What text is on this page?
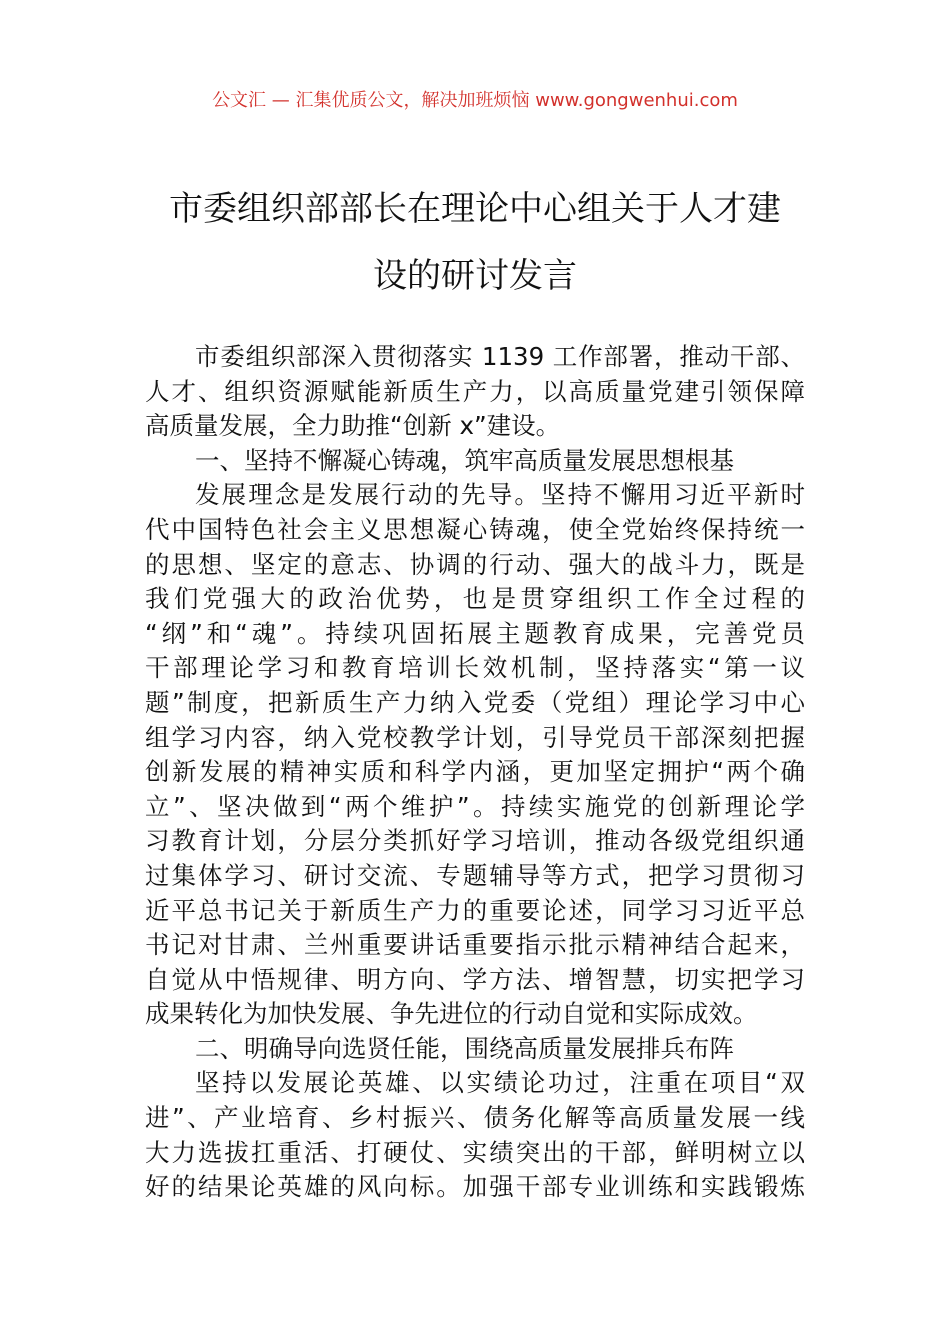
公文汇 — 汇集优质公文，解决加班烦恼 www.gongwenhui.com
市委组织部部长在理论中心组关于人才建
设的研讨发言
市委组织部深入贯彻落实 1139 工作部署，推动干部、
人才、组织资源赋能新质生产力，以高质量党建引领保障
高质量发展，全力助推“创新 x”建设。
一、坚持不懈凝心铸魂，筑牢高质量发展思想根基
发展理念是发展行动的先导。坚持不懈用习近平新时
代中国特色社会主义思想凝心铸魂，使全党始终保持统一
的思想、坚定的意志、协调的行动、强大的战斗力，既是
我们党强大的政治优势，也是贯穿组织工作全过程的
“纲”和“魂”。持续巩固拓展主题教育成果，完善党员
干部理论学习和教育培训长效机制，坚持落实“第一议
题”制度，把新质生产力纳入党委（党组）理论学习中心
组学习内容，纳入党校教学计划，引导党员干部深刻把握
创新发展的精神实质和科学内涵，更加坚定拥护“两个确
立”、坚决做到“两个维护”。持续实施党的创新理论学
习教育计划，分层分类抓好学习培训，推动各级党组织通
过集体学习、研讨交流、专题辅导等方式，把学习贯彻习
近平总书记关于新质生产力的重要论述，同学习习近平总
书记对甘肃、兰州重要讲话重要指示批示精神结合起来，
自觉从中悟规律、明方向、学方法、增智慧，切实把学习
成果转化为加快发展、争先进位的行动自觉和实际成效。
二、明确导向选贤任能，围绕高质量发展排兵布阵
坚持以发展论英雄、以实绩论功过，注重在项目“双
进”、产业培育、乡村振兴、债务化解等高质量发展一线
大力选拔扛重活、打硬仗、实绩突出的干部，鲜明树立以
好的结果论英雄的风向标。加强干部专业训练和实践锻炼
